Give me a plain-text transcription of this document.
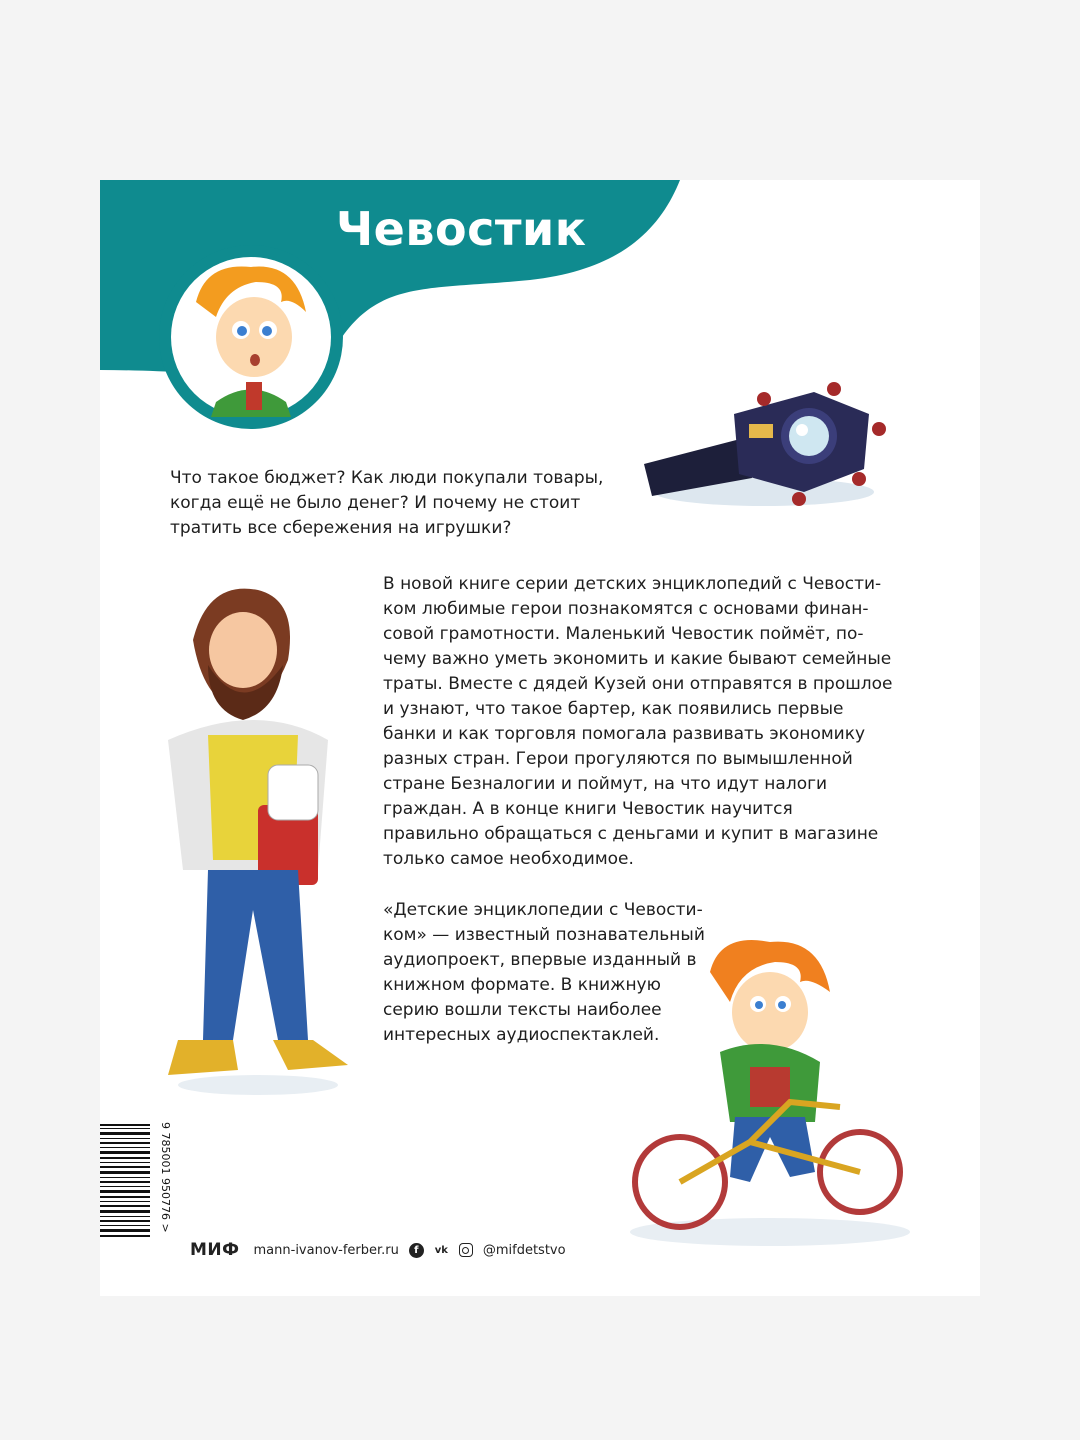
Чевостик

Что такое бюджет? Как люди покупали товары, когда ещё не было денег? И почему не стоит тратить все сбережения на игрушки?

В новой книге серии детских энциклопедий с Чевостиком любимые герои познакомятся с основами финансовой грамотности. Маленький Чевостик поймёт, почему важно уметь экономить и какие бывают семейные траты. Вместе с дядей Кузей они отправятся в прошлое и узнают, что такое бартер, как появились первые банки и как торговля помогала развивать экономику разных стран. Герои прогуляются по вымышленной стране Безналогии и поймут, на что идут налоги граждан. А в конце книги Чевостик научится правильно обращаться с деньгами и купит в магазине только самое необходимое.

«Детские энциклопедии с Чевостиком» — известный познавательный аудиопроект, впервые изданный в книжном формате. В книжную серию вошли тексты наиболее интересных аудиоспектаклей.

9 785001 950776 >
МИФ mann-ivanov-ferber.ru	f	vk	@mifdetstvo
